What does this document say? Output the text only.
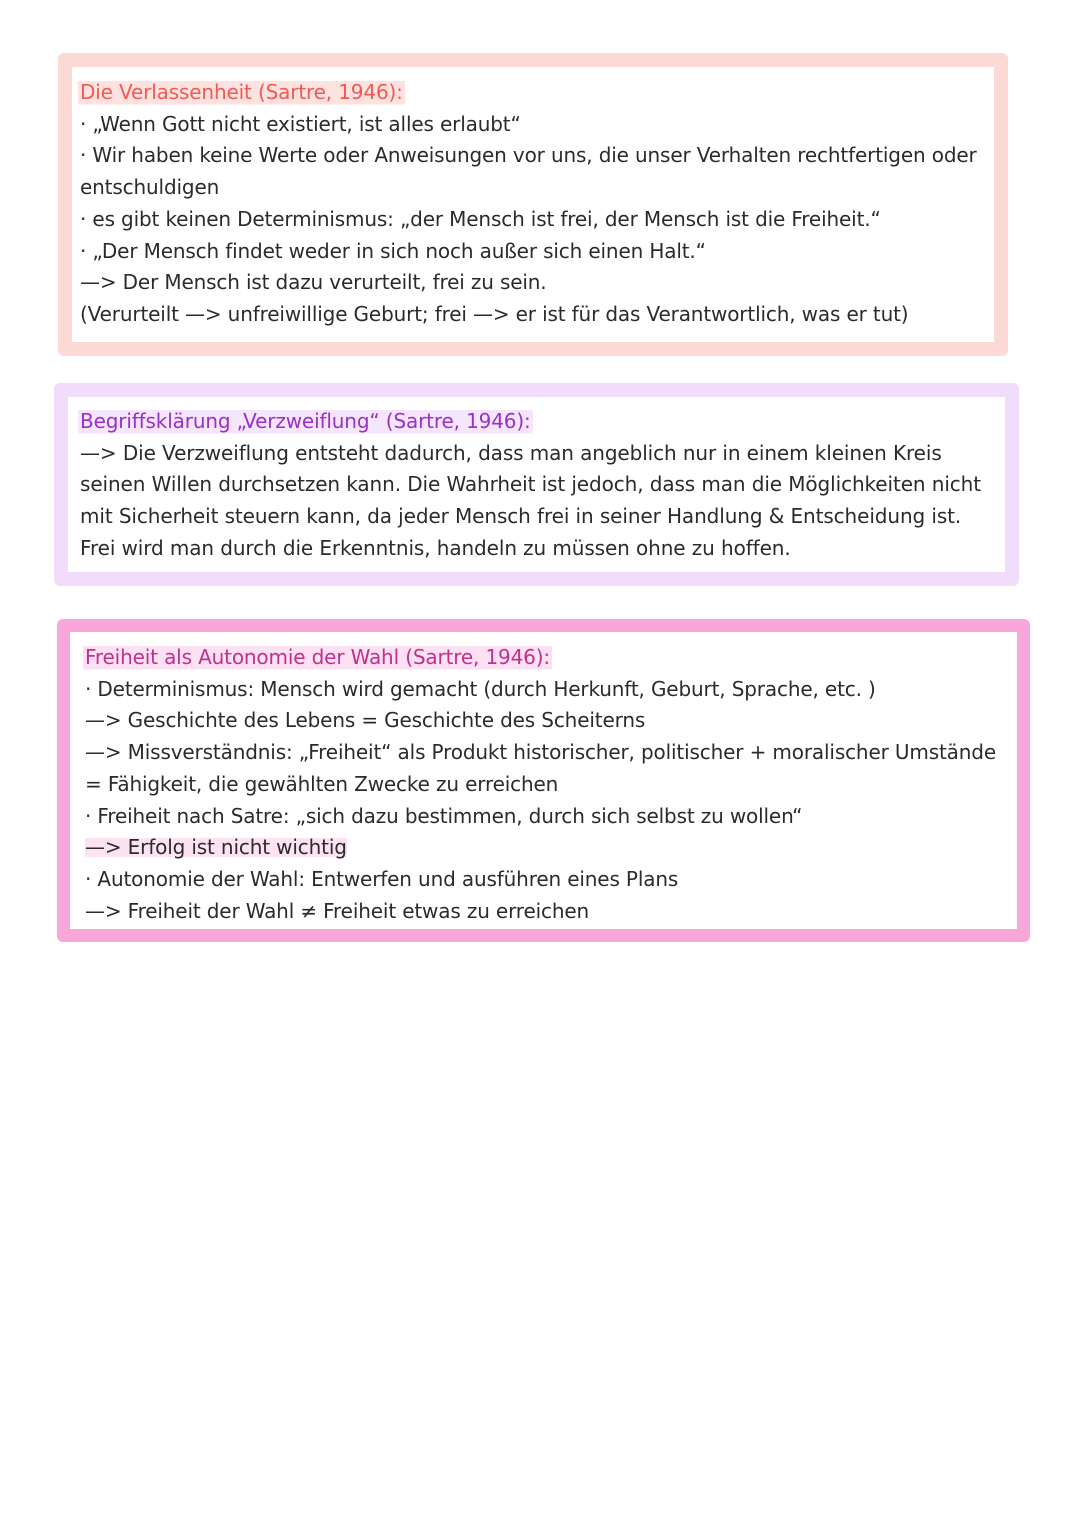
Die Verlassenheit (Sartre, 1946):
· „Wenn Gott nicht existiert, ist alles erlaubt“
· Wir haben keine Werte oder Anweisungen vor uns, die unser Verhalten rechtfertigen oder
entschuldigen
· es gibt keinen Determinismus: „der Mensch ist frei, der Mensch ist die Freiheit.“
· „Der Mensch findet weder in sich noch außer sich einen Halt.“
—> Der Mensch ist dazu verurteilt, frei zu sein.
(Verurteilt —> unfreiwillige Geburt; frei —> er ist für das Verantwortlich, was er tut)
Begriffsklärung „Verzweiflung“ (Sartre, 1946):

—> Die Verzweiflung entsteht dadurch, dass man angeblich nur in einem kleinen Kreis seinen Willen durchsetzen kann. Die Wahrheit ist jedoch, dass man die Möglichkeiten nicht mit Sicherheit steuern kann, da jeder Mensch frei in seiner Handlung & Entscheidung ist. Frei wird man durch die Erkenntnis, handeln zu müssen ohne zu hoffen.

Freiheit als Autonomie der Wahl (Sartre, 1946):
· Determinismus: Mensch wird gemacht (durch Herkunft, Geburt, Sprache, etc. )
—> Geschichte des Lebens = Geschichte des Scheiterns
—> Missverständnis: „Freiheit“ als Produkt historischer, politischer + moralischer Umstände
= Fähigkeit, die gewählten Zwecke zu erreichen
· Freiheit nach Satre: „sich dazu bestimmen, durch sich selbst zu wollen“
—> Erfolg ist nicht wichtig
· Autonomie der Wahl: Entwerfen und ausführen eines Plans
—> Freiheit der Wahl ≠ Freiheit etwas zu erreichen
